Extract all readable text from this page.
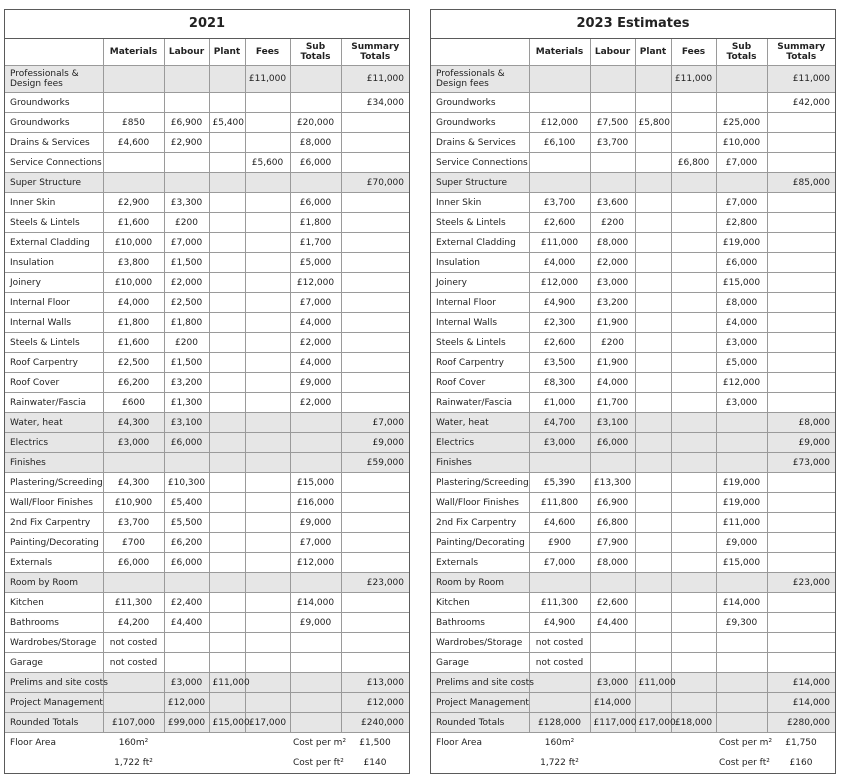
2021
	Materials	Labour	Plant	Fees	Sub Totals	Summary Totals
Professionals & Design fees				£11,000		£11,000
Groundworks						£34,000
Groundworks	£850	£6,900	£5,400		£20,000	
Drains & Services	£4,600	£2,900			£8,000	
Service Connections				£5,600	£6,000	
Super Structure						£70,000
Inner Skin	£2,900	£3,300			£6,000	
Steels & Lintels	£1,600	£200			£1,800	
External Cladding	£10,000	£7,000			£1,700	
Insulation	£3,800	£1,500			£5,000	
Joinery	£10,000	£2,000			£12,000	
Internal Floor	£4,000	£2,500			£7,000	
Internal Walls	£1,800	£1,800			£4,000	
Steels & Lintels	£1,600	£200			£2,000	
Roof Carpentry	£2,500	£1,500			£4,000	
Roof Cover	£6,200	£3,200			£9,000	
Rainwater/Fascia	£600	£1,300			£2,000	
Water, heat	£4,300	£3,100				£7,000
Electrics	£3,000	£6,000				£9,000
Finishes						£59,000
Plastering/Screeding	£4,300	£10,300			£15,000	
Wall/Floor Finishes	£10,900	£5,400			£16,000	
2nd Fix Carpentry	£3,700	£5,500			£9,000	
Painting/Decorating	£700	£6,200			£7,000	
Externals	£6,000	£6,000			£12,000	
Room by Room						£23,000
Kitchen	£11,300	£2,400			£14,000	
Bathrooms	£4,200	£4,400			£9,000	
Wardrobes/Storage	not costed					
Garage	not costed					
Prelims and site costs		£3,000	£11,000			£13,000
Project Management		£12,000				£12,000
Rounded Totals	£107,000	£99,000	£15,000	£17,000		£240,000
Floor Area	160m²				Cost per m²	£1,500
	1,722 ft²				Cost per ft²	£140
2023 Estimates
	Materials	Labour	Plant	Fees	Sub Totals	Summary Totals
Professionals & Design fees				£11,000		£11,000
Groundworks						£42,000
Groundworks	£12,000	£7,500	£5,800		£25,000	
Drains & Services	£6,100	£3,700			£10,000	
Service Connections				£6,800	£7,000	
Super Structure						£85,000
Inner Skin	£3,700	£3,600			£7,000	
Steels & Lintels	£2,600	£200			£2,800	
External Cladding	£11,000	£8,000			£19,000	
Insulation	£4,000	£2,000			£6,000	
Joinery	£12,000	£3,000			£15,000	
Internal Floor	£4,900	£3,200			£8,000	
Internal Walls	£2,300	£1,900			£4,000	
Steels & Lintels	£2,600	£200			£3,000	
Roof Carpentry	£3,500	£1,900			£5,000	
Roof Cover	£8,300	£4,000			£12,000	
Rainwater/Fascia	£1,000	£1,700			£3,000	
Water, heat	£4,700	£3,100				£8,000
Electrics	£3,000	£6,000				£9,000
Finishes						£73,000
Plastering/Screeding	£5,390	£13,300			£19,000	
Wall/Floor Finishes	£11,800	£6,900			£19,000	
2nd Fix Carpentry	£4,600	£6,800			£11,000	
Painting/Decorating	£900	£7,900			£9,000	
Externals	£7,000	£8,000			£15,000	
Room by Room						£23,000
Kitchen	£11,300	£2,600			£14,000	
Bathrooms	£4,900	£4,400			£9,300	
Wardrobes/Storage	not costed					
Garage	not costed					
Prelims and site costs		£3,000	£11,000			£14,000
Project Management		£14,000				£14,000
Rounded Totals	£128,000	£117,000	£17,000	£18,000		£280,000
Floor Area	160m²				Cost per m²	£1,750
	1,722 ft²				Cost per ft²	£160
